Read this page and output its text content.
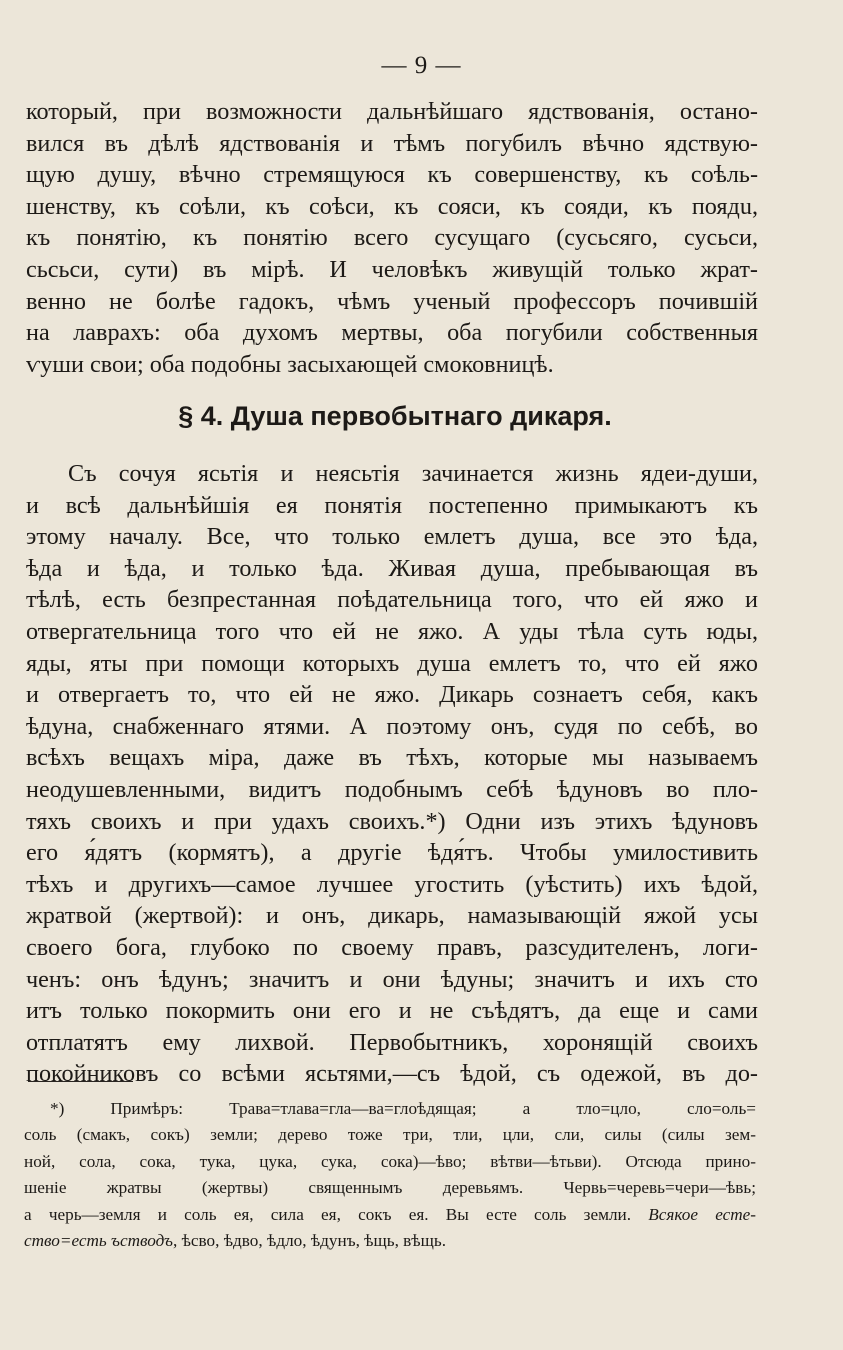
— 9 —
который, при возможности дальнѣйшаго ядствованія, остано-
вился въ дѣлѣ ядствованія и тѣмъ погубилъ вѣчно ядствую-
щую душу, вѣчно стремящуюся къ совершенству, къ соѣль-
шенству, къ соѣли, къ соѣси, къ сояси, къ сояди, къ поядu,
къ понятію, къ понятію всего сусущаго (сусьсяго, сусьси,
сьсьси, сути) въ мірѣ. И человѣкъ живущій только жрат-
венно не болѣе гадокъ, чѣмъ ученый профессоръ почившій
на лаврахъ: оба духомъ мертвы, оба погубили собственныя
ѵуши свои; оба подобны засыхающей смоковницѣ.
§ 4. Душа первобытнаго дикаря.
Съ сочуя ясьтія и неясьтія зачинается жизнь ядеи-души,
и всѣ дальнѣйшія ея понятія постепенно примыкаютъ къ
этому началу. Все, что только емлетъ душа, все это ѣда,
ѣда и ѣда, и только ѣда. Живая душа, пребывающая въ
тѣлѣ, есть безпрестанная поѣдательница того, что ей яжо и
отвергательница того что ей не яжо. А уды тѣла суть юды,
яды, яты при помощи которыхъ душа емлетъ то, что ей яжо
и отвергаетъ то, что ей не яжо. Дикарь сознаетъ себя, какъ
ѣдуна, снабженнаго ятями. А поэтому онъ, судя по себѣ, во
всѣхъ вещахъ міра, даже въ тѣхъ, которые мы называемъ
неодушевленными, видитъ подобнымъ себѣ ѣдуновъ во пло-
тяхъ своихъ и при удахъ своихъ.*) Одни изъ этихъ ѣдуновъ
его я́дятъ (кормятъ), а другіе ѣдя́тъ. Чтобы умилостивить
тѣхъ и другихъ—самое лучшее угостить (уѣстить) ихъ ѣдой,
жратвой (жертвой): и онъ, дикарь, намазывающій яжой усы
своего бога, глубоко по своему правъ, разсудителенъ, логи-
ченъ: онъ ѣдунъ; значитъ и они ѣдуны; значитъ и ихъ сто
итъ только покормить они его и не съѣдятъ, да еще и сами
отплатятъ ему лихвой. Первобытникъ, хоронящій своихъ
покойниковъ со всѣми ясьтями,—съ ѣдой, съ одежой, въ до-
*) Примѣръ: Трава=тлава=гла—ва=глоѣдящая; а тло=цло, сло=оль=
соль (смакъ, сокъ) земли; дерево тоже три, тли, цли, сли, силы (силы зем-
ной, сола, сока, тука, цука, сука, сока)—ѣво; вѣтви—ѣтьви). Отсюда прино-
шеніе жратвы (жертвы) священнымъ деревьямъ. Червь=черевь=чери—ѣвь;
а черь—земля и соль ея, сила ея, сокъ ея. Вы есте соль земли. Всякое есте-
ство=есть ъстводъ, ѣсво, ѣдво, ѣдло, ѣдунъ, ѣщь, вѣщь.
